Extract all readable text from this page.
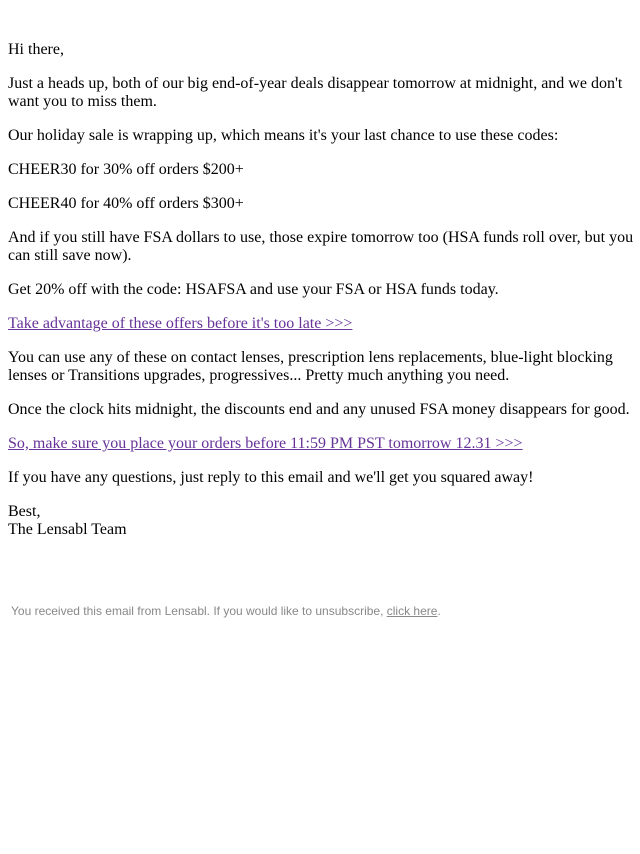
Hi there,

Just a heads up, both of our big end-of-year deals disappear tomorrow at midnight, and we don't want you to miss them.

Our holiday sale is wrapping up, which means it's your last chance to use these codes:

CHEER30 for 30% off orders $200+

CHEER40 for 40% off orders $300+

And if you still have FSA dollars to use, those expire tomorrow too (HSA funds roll over, but you can still save now).

Get 20% off with the code: HSAFSA and use your FSA or HSA funds today.

Take advantage of these offers before it's too late >>>

You can use any of these on contact lenses, prescription lens replacements, blue-light blocking lenses or Transitions upgrades, progressives... Pretty much anything you need.

Once the clock hits midnight, the discounts end and any unused FSA money disappears for good.

So, make sure you place your orders before 11:59 PM PST tomorrow 12.31 >>>

If you have any questions, just reply to this email and we'll get you squared away!

Best,
The Lensabl Team
You received this email from Lensabl. If you would like to unsubscribe, click here.
